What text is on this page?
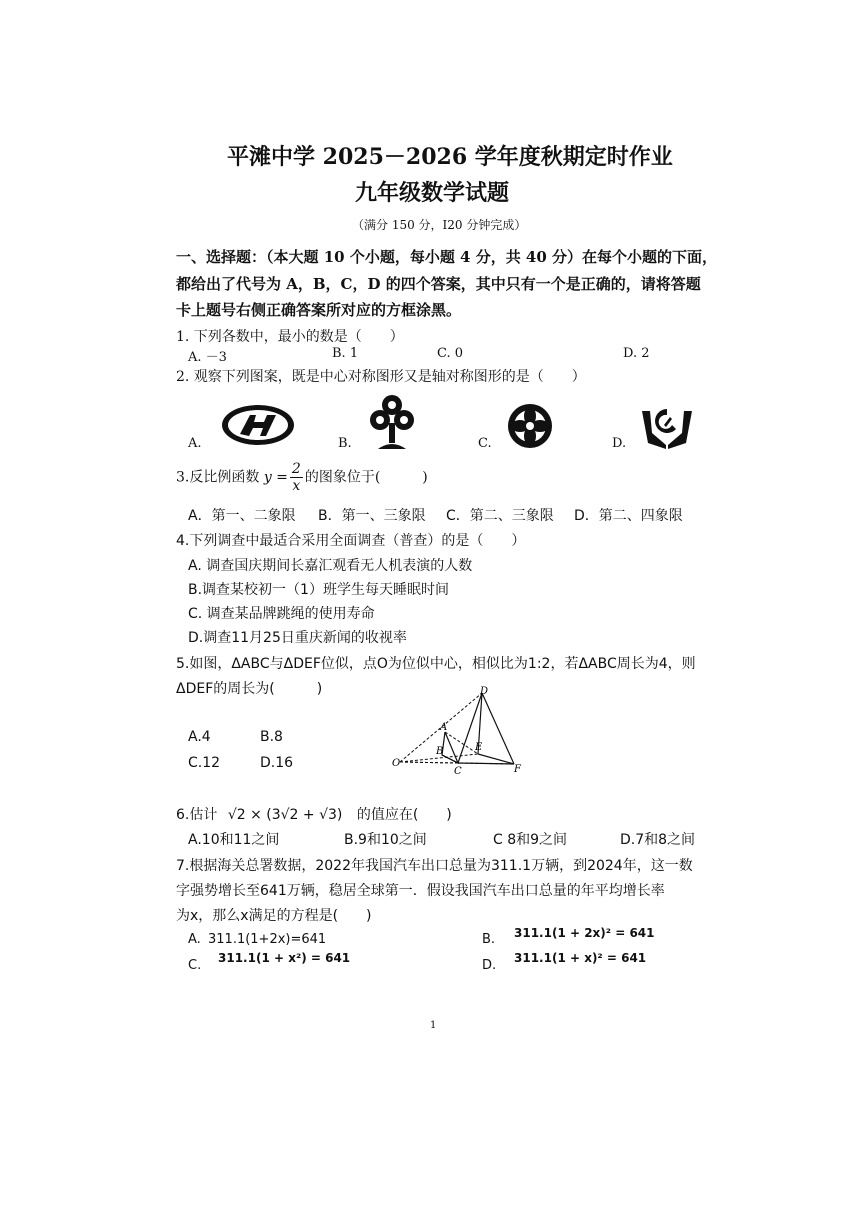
平滩中学 2025－2026 学年度秋期定时作业
九年级数学试题
（满分 150 分，I20 分钟完成）
一、选择题：（本大题 10 个小题，每小题 4 分，共 40 分）在每个小题的下面，
都给出了代号为 A，B，C，D 的四个答案，其中只有一个是正确的，请将答题
卡上题号右侧正确答案所对应的方框涂黑。
1. 下列各数中，最小的数是（　　）
A. －3	B. 1	C. 0	D. 2
2. 观察下列图案，既是中心对称图形又是轴对称图形的是（　　）
A.	B.	C.	D.
3.反比例函数 $y = \frac{2}{x}$ 的图象位于(　　　)
A．第一、二象限 B．第一、三象限 C．第二、三象限 D．第二、四象限
4.下列调查中最适合采用全面调查（普查）的是（　　）
A. 调查国庆期间长嘉汇观看无人机表演的人数
B.调查某校初一（1）班学生每天睡眠时间
C. 调查某品牌跳绳的使用寿命
D.调查11月25日重庆新闻的收视率
5.如图，ΔABC与ΔDEF位似，点O为位似中心，相似比为1:2，若ΔABC周长为4，则
ΔDEF的周长为(　　　)
A.4	B.8
C.12	D.16
D
A
B	E
O
C	F
6.估计 √2 × (3√2 + √3) 的值应在(　　)
A.10和11之间	B.9和10之间	C 8和9之间	D.7和8之间
7.根据海关总署数据，2022年我国汽车出口总量为311.1万辆，到2024年，这一数
字强势增长至641万辆，稳居全球第一．假设我国汽车出口总量的年平均增长率
为x，那么x满足的方程是(　　)
A. 311.1(1+2x)=641	B. 311.1(1 + 2x)² = 641
C. 311.1(1 + x²) = 641	D. 311.1(1 + x)² = 641
1
